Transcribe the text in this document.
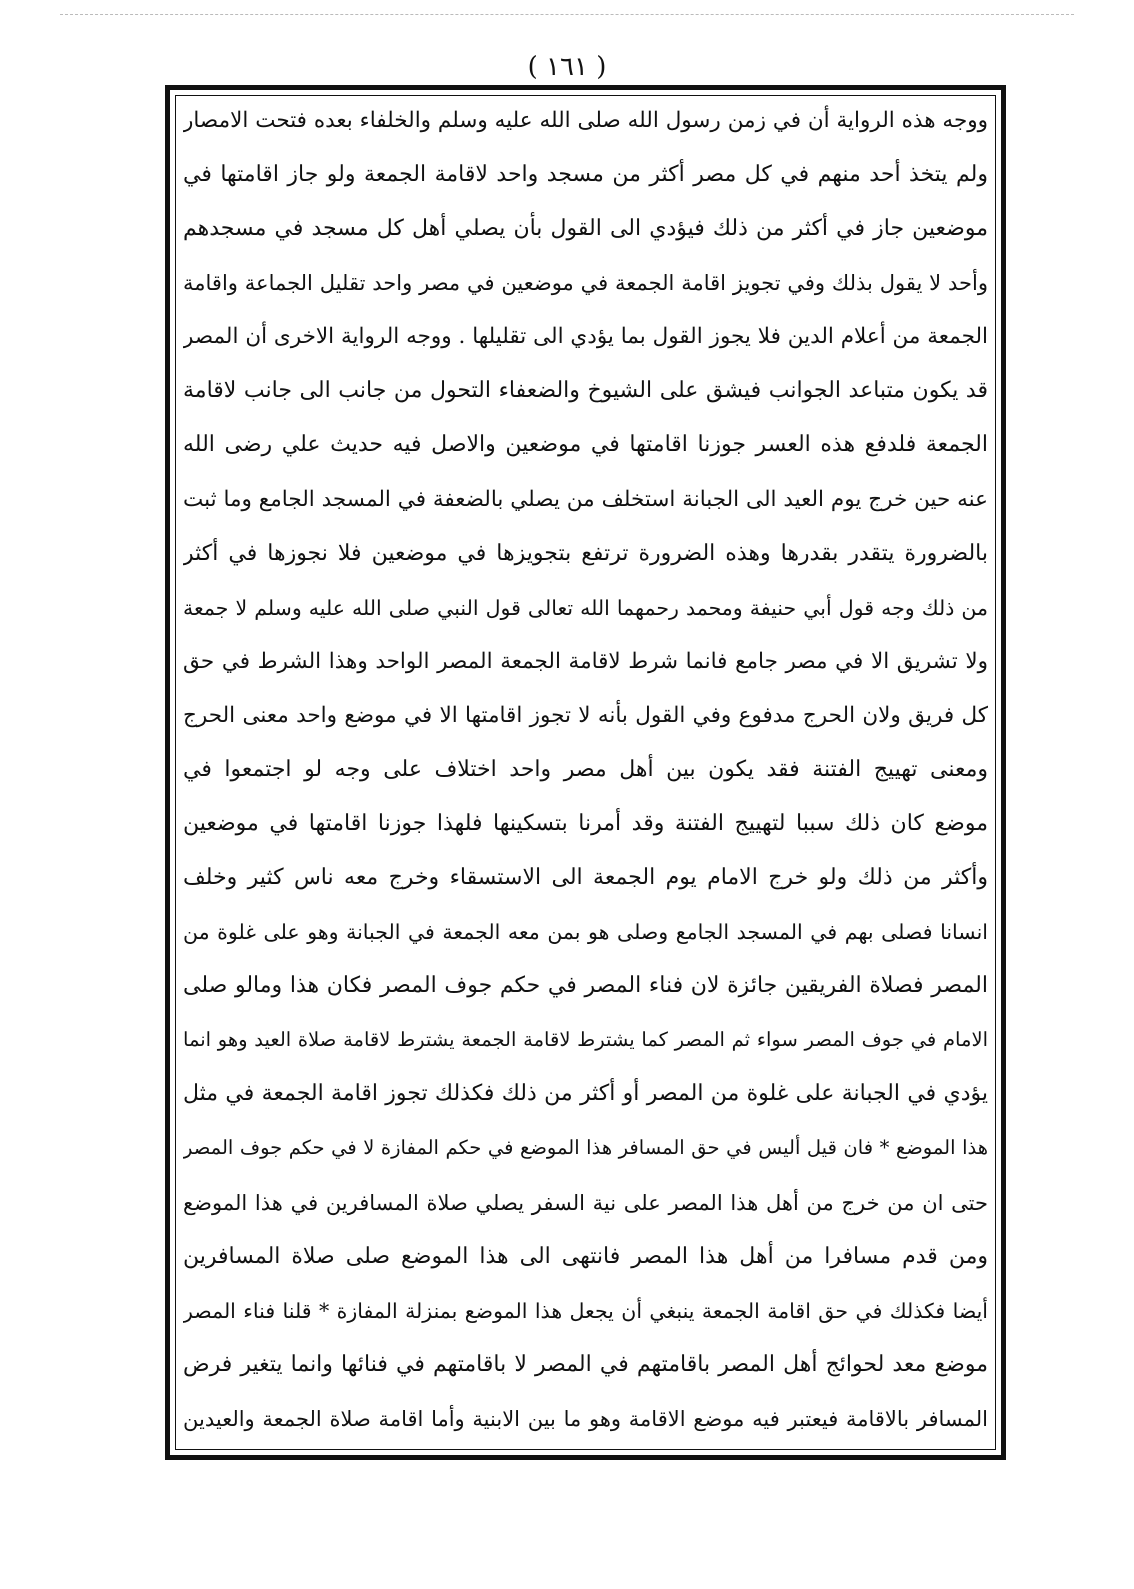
( ١٦١ )
ووجه هذه الرواية أن في زمن رسول الله صلى الله عليه وسلم والخلفاء بعده فتحت الامصار
ولم يتخذ أحد منهم في كل مصر أكثر من مسجد واحد لاقامة الجمعة ولو جاز اقامتها في
موضعين جاز في أكثر من ذلك فيؤدي الى القول بأن يصلي أهل كل مسجد في مسجدهم
وأحد لا يقول بذلك وفي تجويز اقامة الجمعة في موضعين في مصر واحد تقليل الجماعة واقامة
الجمعة من أعلام الدين فلا يجوز القول بما يؤدي الى تقليلها . ووجه الرواية الاخرى أن المصر
قد يكون متباعد الجوانب فيشق على الشيوخ والضعفاء التحول من جانب الى جانب لاقامة
الجمعة فلدفع هذه العسر جوزنا اقامتها في موضعين والاصل فيه حديث علي رضى الله
عنه حين خرج يوم العيد الى الجبانة استخلف من يصلي بالضعفة في المسجد الجامع وما ثبت
بالضرورة يتقدر بقدرها وهذه الضرورة ترتفع بتجويزها في موضعين فلا نجوزها في أكثر
من ذلك وجه قول أبي حنيفة ومحمد رحمهما الله تعالى قول النبي صلى الله عليه وسلم لا جمعة
ولا تشريق الا في مصر جامع فانما شرط لاقامة الجمعة المصر الواحد وهذا الشرط في حق
كل فريق ولان الحرج مدفوع وفي القول بأنه لا تجوز اقامتها الا في موضع واحد معنى الحرج
ومعنى تهييج الفتنة فقد يكون بين أهل مصر واحد اختلاف على وجه لو اجتمعوا في
موضع كان ذلك سببا لتهييج الفتنة وقد أمرنا بتسكينها فلهذا جوزنا اقامتها في موضعين
وأكثر من ذلك ولو خرج الامام يوم الجمعة الى الاستسقاء وخرج معه ناس كثير وخلف
انسانا فصلى بهم في المسجد الجامع وصلى هو بمن معه الجمعة في الجبانة وهو على غلوة من
المصر فصلاة الفريقين جائزة لان فناء المصر في حكم جوف المصر فكان هذا ومالو صلى
الامام في جوف المصر سواء ثم المصر كما يشترط لاقامة الجمعة يشترط لاقامة صلاة العيد وهو انما
يؤدي في الجبانة على غلوة من المصر أو أكثر من ذلك فكذلك تجوز اقامة الجمعة في مثل
هذا الموضع * فان قيل أليس في حق المسافر هذا الموضع في حكم المفازة لا في حكم جوف المصر
حتى ان من خرج من أهل هذا المصر على نية السفر يصلي صلاة المسافرين في هذا الموضع
ومن قدم مسافرا من أهل هذا المصر فانتهى الى هذا الموضع صلى صلاة المسافرين
أيضا فكذلك في حق اقامة الجمعة ينبغي أن يجعل هذا الموضع بمنزلة المفازة * قلنا فناء المصر
موضع معد لحوائج أهل المصر باقامتهم في المصر لا باقامتهم في فنائها وانما يتغير فرض
المسافر بالاقامة فيعتبر فيه موضع الاقامة وهو ما بين الابنية وأما اقامة صلاة الجمعة والعيدين
